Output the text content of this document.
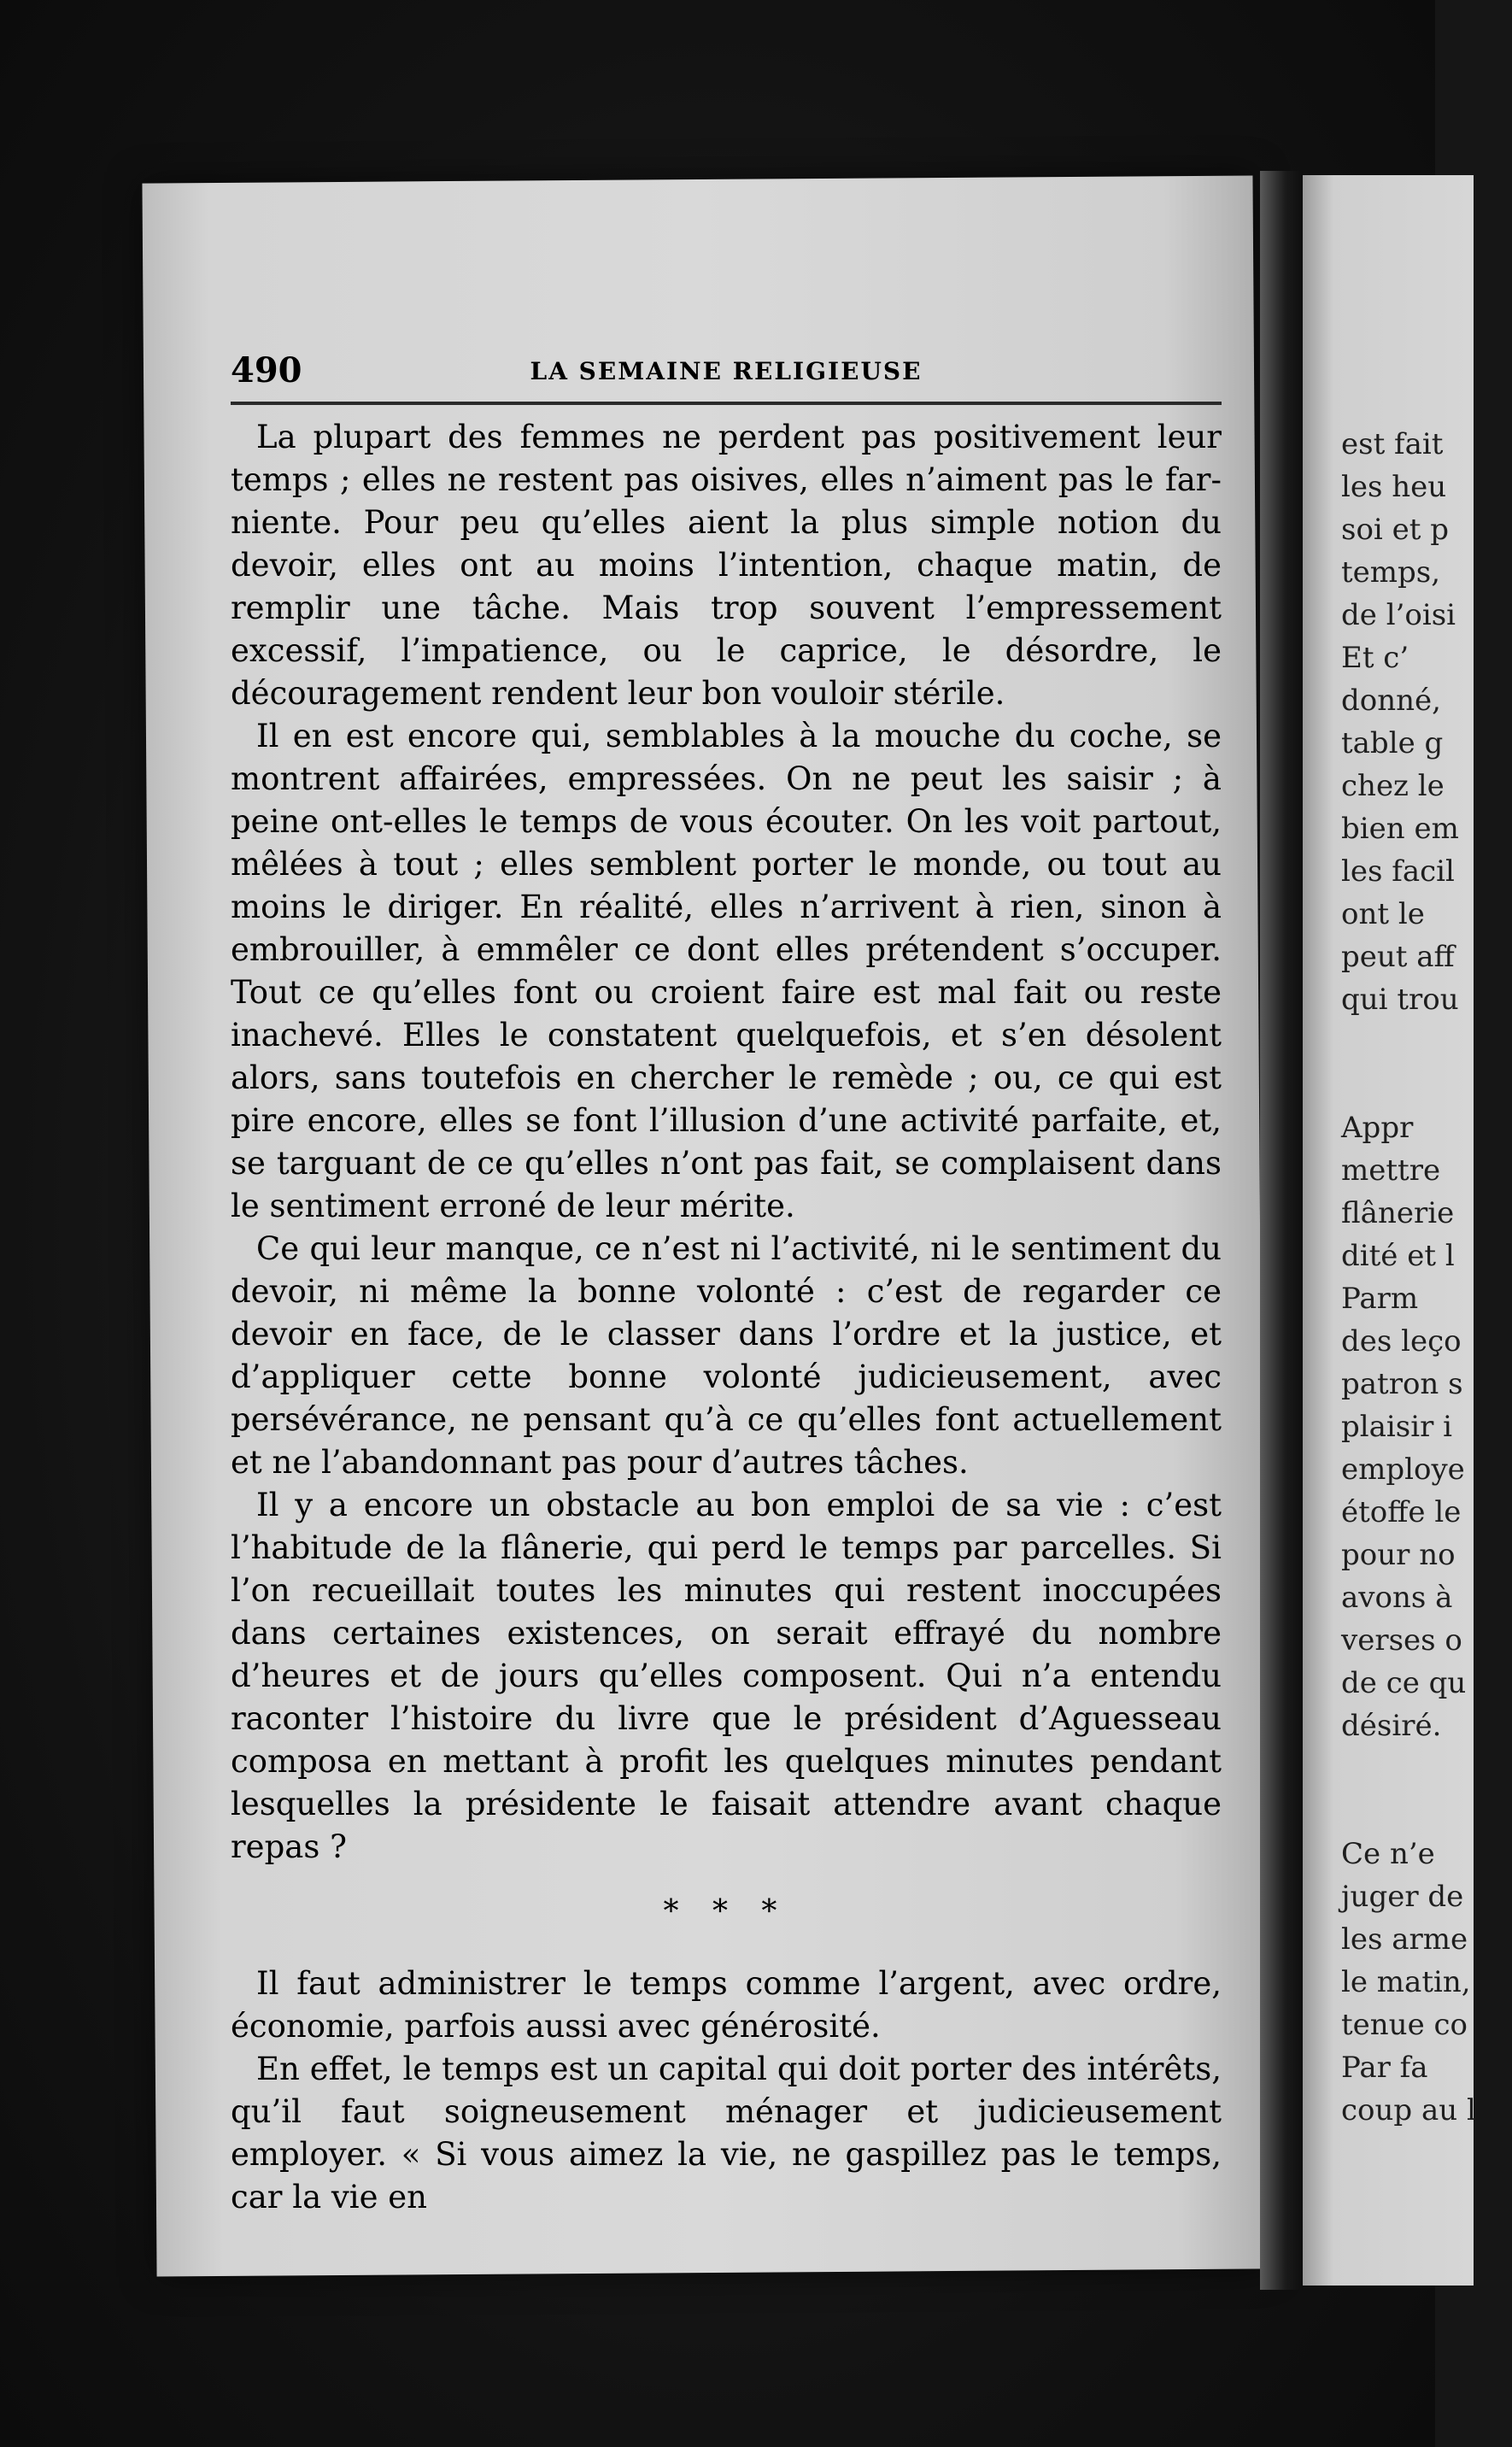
490	LA SEMAINE RELIGIEUSE

La plupart des femmes ne perdent pas positivement leur temps ; elles ne restent pas oisives, elles n’aiment pas le far-niente. Pour peu qu’elles aient la plus simple notion du devoir, elles ont au moins l’intention, chaque matin, de remplir une tâche. Mais trop souvent l’empressement excessif, l’impatience, ou le caprice, le désordre, le découragement rendent leur bon vouloir stérile.

Il en est encore qui, semblables à la mouche du coche, se montrent affairées, empressées. On ne peut les saisir ; à peine ont-elles le temps de vous écouter. On les voit partout, mêlées à tout ; elles semblent porter le monde, ou tout au moins le diriger. En réalité, elles n’arrivent à rien, sinon à embrouiller, à emmêler ce dont elles prétendent s’occuper. Tout ce qu’elles font ou croient faire est mal fait ou reste inachevé. Elles le constatent quelquefois, et s’en désolent alors, sans toutefois en chercher le remède ; ou, ce qui est pire encore, elles se font l’illusion d’une activité parfaite, et, se targuant de ce qu’elles n’ont pas fait, se complaisent dans le sentiment erroné de leur mérite.

Ce qui leur manque, ce n’est ni l’activité, ni le sentiment du devoir, ni même la bonne volonté : c’est de regarder ce devoir en face, de le classer dans l’ordre et la justice, et d’appliquer cette bonne volonté judicieusement, avec persévérance, ne pensant qu’à ce qu’elles font actuellement et ne l’abandonnant pas pour d’autres tâches.

Il y a encore un obstacle au bon emploi de sa vie : c’est l’habitude de la flânerie, qui perd le temps par parcelles. Si l’on recueillait toutes les minutes qui restent inoccupées dans certaines existences, on serait effrayé du nombre d’heures et de jours qu’elles composent. Qui n’a entendu raconter l’histoire du livre que le président d’Aguesseau composa en mettant à profit les quelques minutes pendant lesquelles la présidente le faisait attendre avant chaque repas ?

* * *

Il faut administrer le temps comme l’argent, avec ordre, économie, parfois aussi avec générosité.

En effet, le temps est un capital qui doit porter des intérêts, qu’il faut soigneusement ménager et judicieusement employer. « Si vous aimez la vie, ne gaspillez pas le temps, car la vie en

est fait
les heu
soi et p
temps,
de l’oisi
Et c’
donné,
table g
chez le
bien em
les facil
ont le
peut aff
qui trou
Appr
mettre
flânerie
dité et l
Parm
des leço
patron s
plaisir i
employe
étoffe le
pour no
avons à
verses o
de ce qu
désiré.
Ce n’e
juger de
les arme
le matin,
tenue co
Par fa
coup au l
